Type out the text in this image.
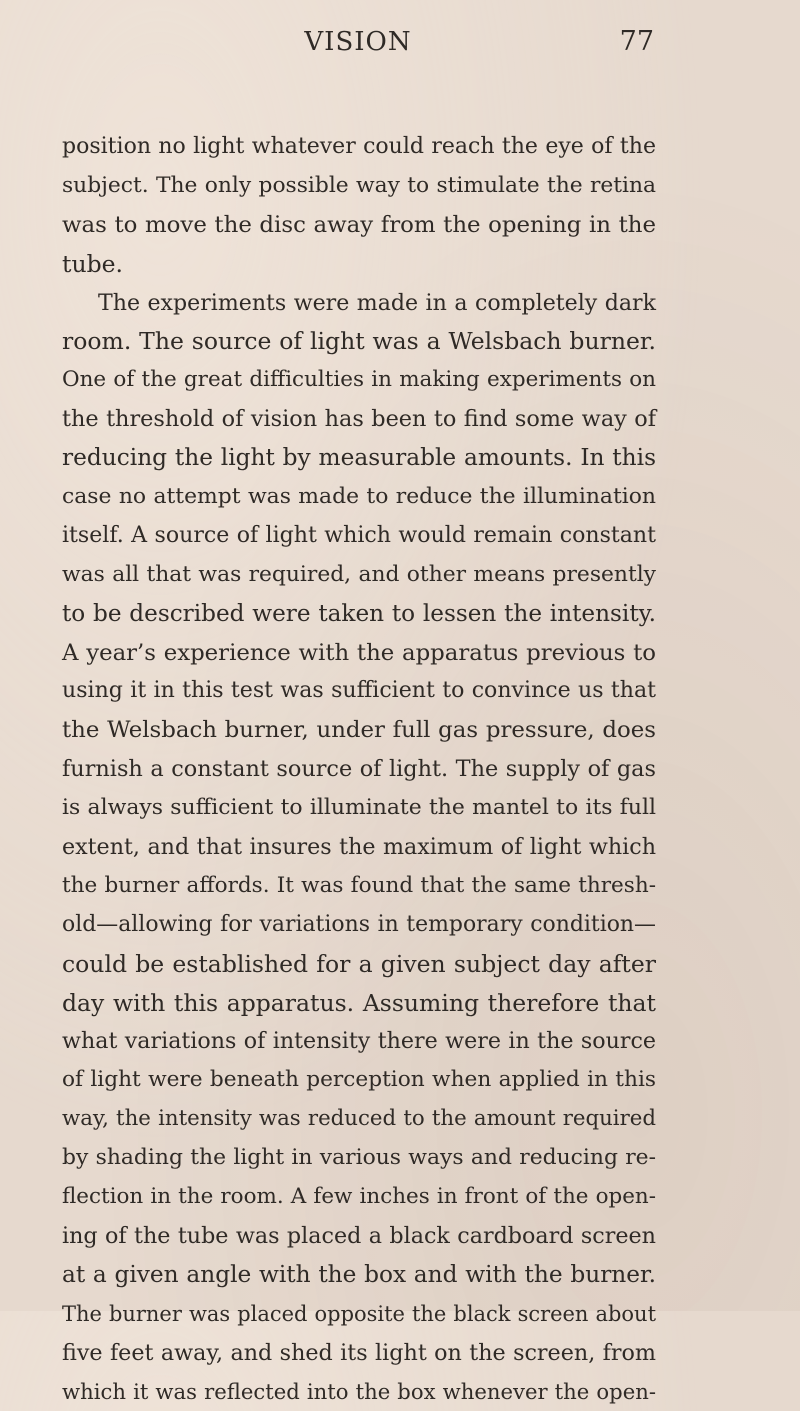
VISION	77
position no light whatever could reach the eye of the
subject. The only possible way to stimulate the retina
was to move the disc away from the opening in the
tube.
The experiments were made in a completely dark
room. The source of light was a Welsbach burner.
One of the great difficulties in making experiments on
the threshold of vision has been to find some way of
reducing the light by measurable amounts. In this
case no attempt was made to reduce the illumination
itself. A source of light which would remain constant
was all that was required, and other means presently
to be described were taken to lessen the intensity.
A year’s experience with the apparatus previous to
using it in this test was sufficient to convince us that
the Welsbach burner, under full gas pressure, does
furnish a constant source of light. The supply of gas
is always sufficient to illuminate the mantel to its full
extent, and that insures the maximum of light which
the burner affords. It was found that the same thresh-
old—allowing for variations in temporary condition—
could be established for a given subject day after
day with this apparatus. Assuming therefore that
what variations of intensity there were in the source
of light were beneath perception when applied in this
way, the intensity was reduced to the amount required
by shading the light in various ways and reducing re-
flection in the room. A few inches in front of the open-
ing of the tube was placed a black cardboard screen
at a given angle with the box and with the burner.
The burner was placed opposite the black screen about
five feet away, and shed its light on the screen, from
which it was reflected into the box whenever the open-
